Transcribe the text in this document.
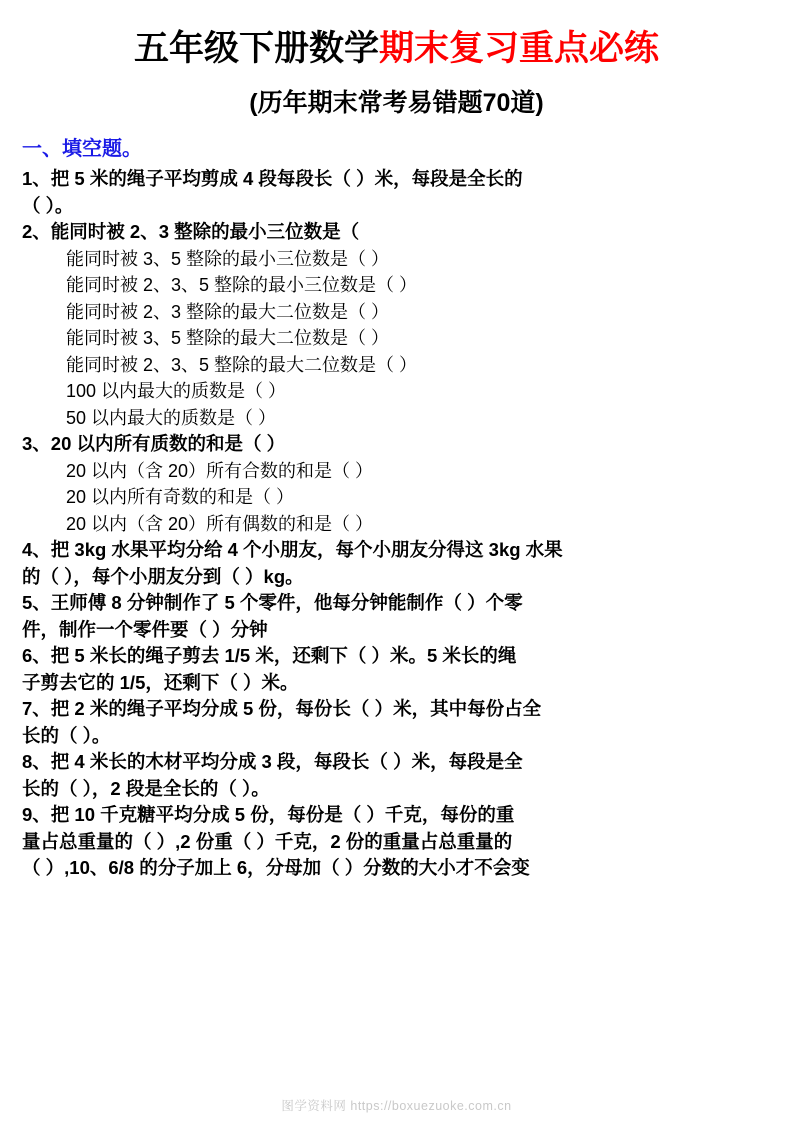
五年级下册数学期末复习重点必练
(历年期末常考易错题70道)
一、填空题。
1、把 5 米的绳子平均剪成 4 段每段长（ ）米，每段是全长的
（ ）。
2、能同时被 2、3 整除的最小三位数是（
能同时被 3、5 整除的最小三位数是（ ）
能同时被 2、3、5 整除的最小三位数是（ ）
能同时被 2、3 整除的最大二位数是（ ）
能同时被 3、5 整除的最大二位数是（ ）
能同时被 2、3、5 整除的最大二位数是（ ）
100 以内最大的质数是（ ）
50 以内最大的质数是（ ）
3、20 以内所有质数的和是（ ）
20 以内（含 20）所有合数的和是（ ）
20 以内所有奇数的和是（ ）
20 以内（含 20）所有偶数的和是（ ）
4、把 3kg 水果平均分给 4 个小朋友，每个小朋友分得这 3kg 水果
的（ ），每个小朋友分到（ ）kg。
5、王师傅 8 分钟制作了 5 个零件，他每分钟能制作（ ）个零
件，制作一个零件要（ ）分钟
6、把 5 米长的绳子剪去 1/5 米，还剩下（ ）米。5 米长的绳
子剪去它的 1/5，还剩下（ ）米。
7、把 2 米的绳子平均分成 5 份，每份长（ ）米，其中每份占全
长的（ ）。
8、把 4 米长的木材平均分成 3 段，每段长（ ）米，每段是全
长的（ ），2 段是全长的（ ）。
9、把 10 千克糖平均分成 5 份，每份是（ ）千克，每份的重
量占总重量的（ ）,2 份重（ ）千克，2 份的重量占总重量的
（ ）,10、6/8 的分子加上 6，分母加（ ）分数的大小才不会变
图学资料网 https://boxuezuoke.com.cn
